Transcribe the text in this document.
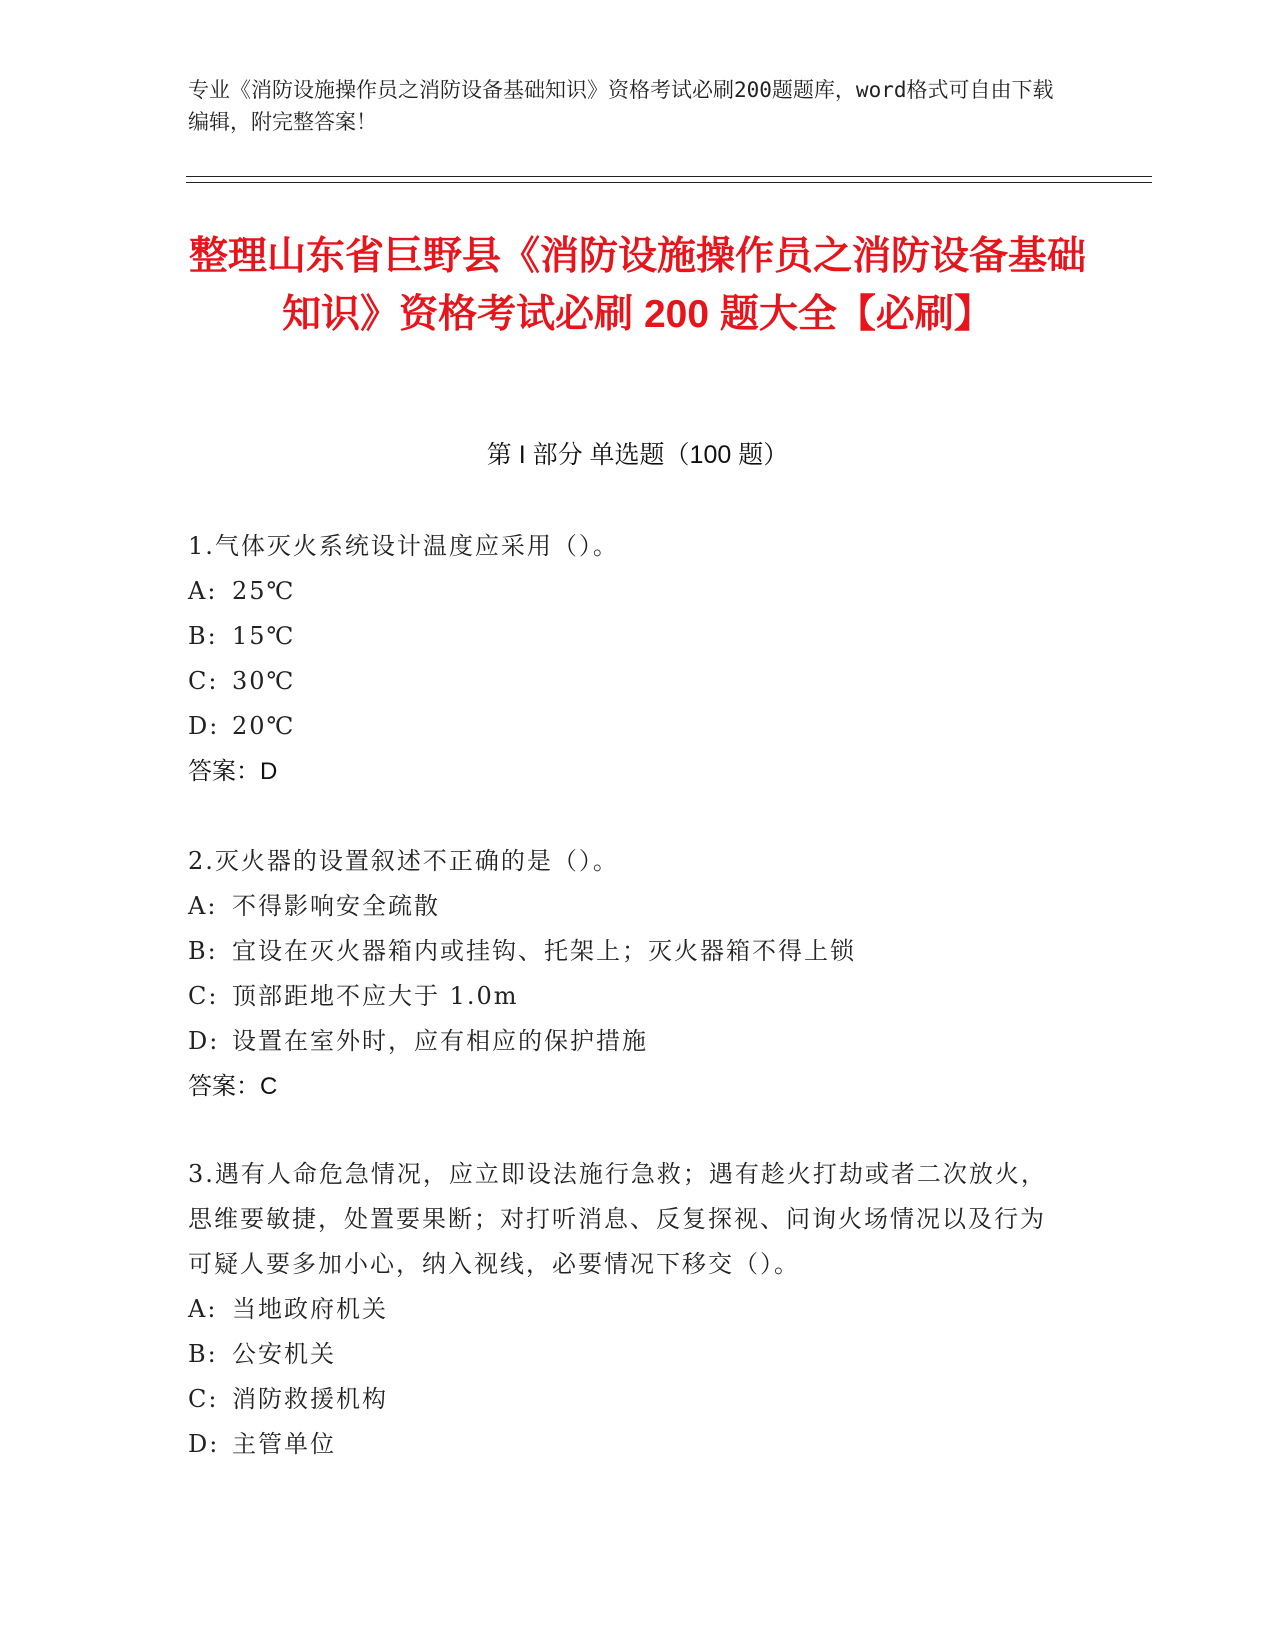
专业《消防设施操作员之消防设备基础知识》资格考试必刷200题题库，word格式可自由下载编辑，附完整答案！
整理山东省巨野县《消防设施操作员之消防设备基础知识》资格考试必刷 200 题大全【必刷】
第 I 部分 单选题（100 题）
1.气体灭火系统设计温度应采用（）。
A: 25℃
B: 15℃
C: 30℃
D: 20℃
答案：D
2.灭火器的设置叙述不正确的是（）。
A: 不得影响安全疏散
B: 宜设在灭火器箱内或挂钩、托架上；灭火器箱不得上锁
C: 顶部距地不应大于 1.0m
D: 设置在室外时，应有相应的保护措施
答案：C
3.遇有人命危急情况，应立即设法施行急救；遇有趁火打劫或者二次放火，思维要敏捷，处置要果断；对打听消息、反复探视、问询火场情况以及行为可疑人要多加小心，纳入视线，必要情况下移交（）。
A: 当地政府机关
B: 公安机关
C: 消防救援机构
D: 主管单位
